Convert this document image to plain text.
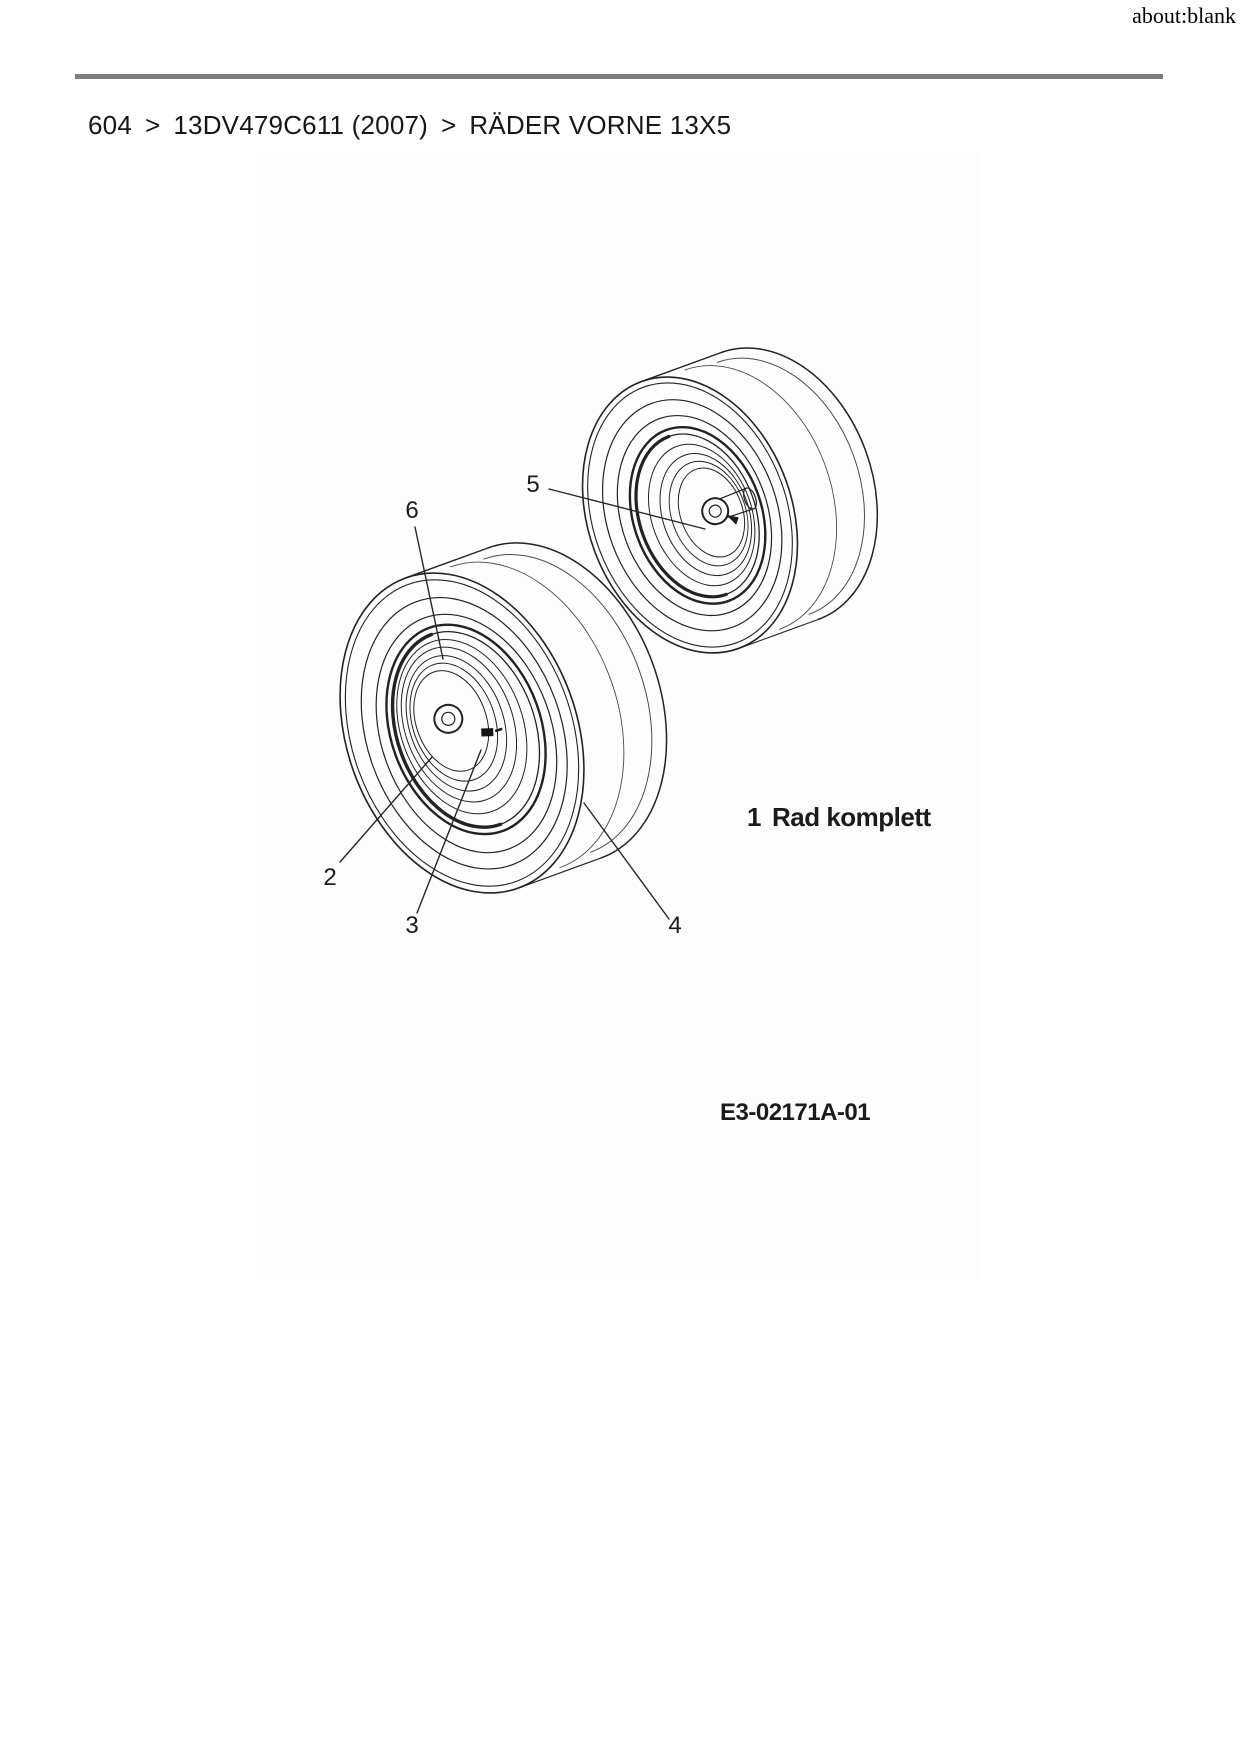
about:blank
604 > 13DV479C611 (2007) > RÄDER VORNE 13X5
5
6
2
3	4
1 Rad komplett
E3-02171A-01
